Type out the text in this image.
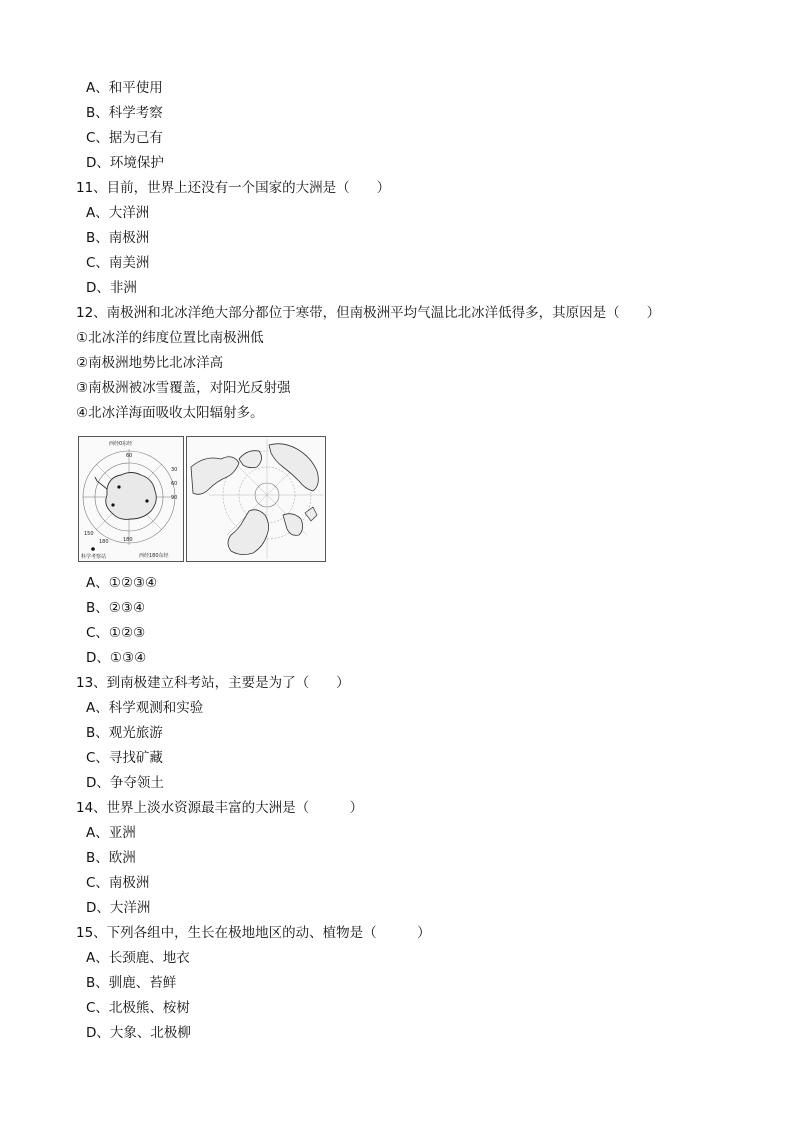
A、和平使用
B、科学考察
C、据为己有
D、环境保护
11、目前，世界上还没有一个国家的大洲是（　　）
A、大洋洲
B、南极洲
C、南美洲
D、非洲
12、南极洲和北冰洋绝大部分都位于寒带，但南极洲平均气温比北冰洋低得多，其原因是（　　）
①北冰洋的纬度位置比南极洲低
②南极洲地势比北冰洋高
③南极洲被冰雪覆盖，对阳光反射强
④北冰洋海面吸收太阳辐射多。
西经0东经
西经180东经
科学考察站
60
30
60
90
150
180	180
A、①②③④
B、②③④
C、①②③
D、①③④
13、到南极建立科考站，主要是为了（　　）
A、科学观测和实验
B、观光旅游
C、寻找矿藏
D、争夺领土
14、世界上淡水资源最丰富的大洲是（　　　）
A、亚洲
B、欧洲
C、南极洲
D、大洋洲
15、下列各组中，生长在极地地区的动、植物是（　　　）
A、长颈鹿、地衣
B、驯鹿、苔鲜
C、北极熊、桉树
D、大象、北极柳
